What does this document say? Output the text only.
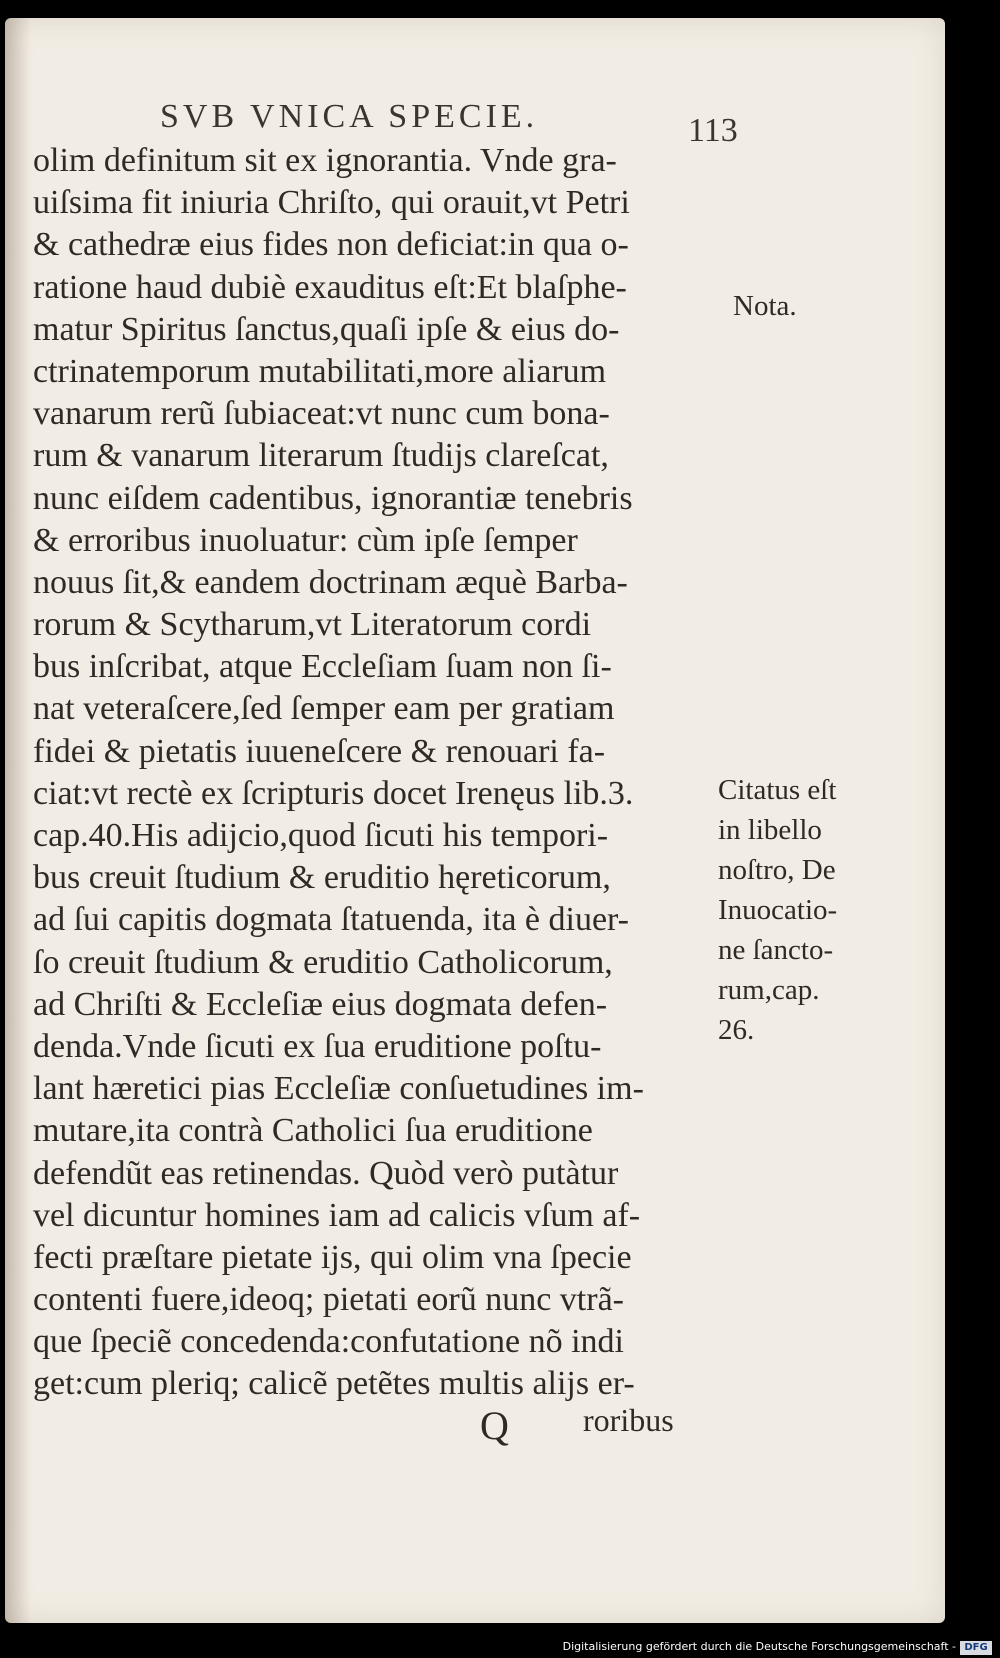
SVB VNICA SPECIE.	113
olim definitum sit ex ignorantia. Vnde gra-
uiſsima fit iniuria Chriſto, qui orauit,vt Petri
& cathedræ eius fides non deficiat:in qua o-
ratione haud dubiè exauditus eſt:Et blaſphe-
matur Spiritus ſanctus,quaſi ipſe & eius do-
ctrinatemporum mutabilitati,more aliarum
vanarum rerũ ſubiaceat:vt nunc cum bona-
rum & vanarum literarum ſtudijs clareſcat,
nunc eiſdem cadentibus, ignorantiæ tenebris
& erroribus inuoluatur: cùm ipſe ſemper
nouus ſit,& eandem doctrinam æquè Barba-
rorum & Scytharum,vt Literatorum cordi
bus inſcribat, atque Eccleſiam ſuam non ſi-
nat veteraſcere,ſed ſemper eam per gratiam
fidei & pietatis iuueneſcere & renouari fa-
ciat:vt rectè ex ſcripturis docet Irenęus lib.3.
cap.40.His adijcio,quod ſicuti his tempori-
bus creuit ſtudium & eruditio hęreticorum,
ad ſui capitis dogmata ſtatuenda, ita è diuer-
ſo creuit ſtudium & eruditio Catholicorum,
ad Chriſti & Eccleſiæ eius dogmata defen-
denda.Vnde ſicuti ex ſua eruditione poſtu-
lant hæretici pias Eccleſiæ conſuetudines im-
mutare,ita contrà Catholici ſua eruditione
defendũt eas retinendas. Quòd verò putàtur
vel dicuntur homines iam ad calicis vſum af-
fecti præſtare pietate ijs, qui olim vna ſpecie
contenti fuere,ideoq; pietati eorũ nunc vtrã-
que ſpeciẽ concedenda:confutatione nõ indi
get:cum pleriq; calicẽ petẽtes multis alijs er-
Nota.
Citatus eſt
in libello
noſtro, De
Inuocatio-
ne ſancto-
rum,cap.
26.
Q roribus
Digitalisierung gefördert durch die Deutsche Forschungsgemeinschaft - DFG
